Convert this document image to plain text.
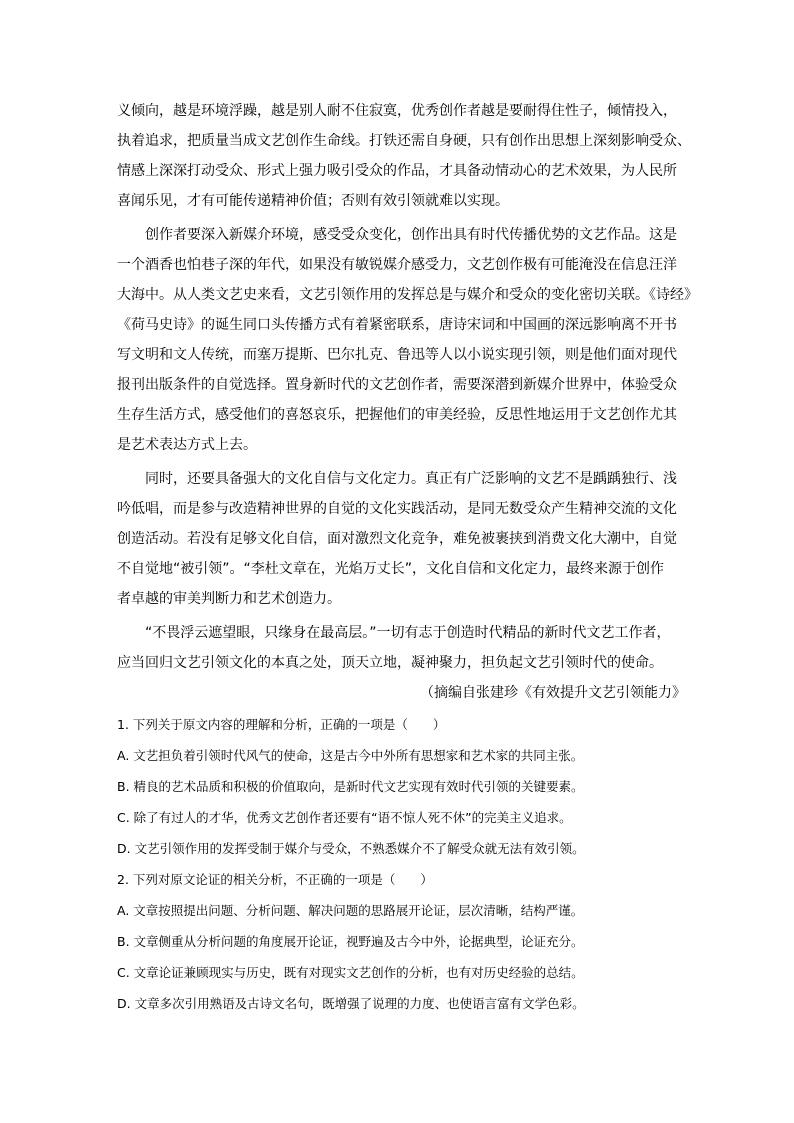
义倾向，越是环境浮躁，越是别人耐不住寂寞，优秀创作者越是要耐得住性子，倾情投入，

执着追求，把质量当成文艺创作生命线。打铁还需自身硬，只有创作出思想上深刻影响受众、

情感上深深打动受众、形式上强力吸引受众的作品，才具备动情动心的艺术效果，为人民所

喜闻乐见，才有可能传递精神价值；否则有效引领就难以实现。

　　创作者要深入新媒介环境，感受受众变化，创作出具有时代传播优势的文艺作品。这是

一个酒香也怕巷子深的年代，如果没有敏锐媒介感受力，文艺创作极有可能淹没在信息汪洋

大海中。从人类文艺史来看，文艺引领作用的发挥总是与媒介和受众的变化密切关联。《诗经》

《荷马史诗》的诞生同口头传播方式有着紧密联系，唐诗宋词和中国画的深远影响离不开书

写文明和文人传统，而塞万提斯、巴尔扎克、鲁迅等人以小说实现引领，则是他们面对现代

报刊出版条件的自觉选择。置身新时代的文艺创作者，需要深潜到新媒介世界中，体验受众

生存生活方式，感受他们的喜怒哀乐，把握他们的审美经验，反思性地运用于文艺创作尤其

是艺术表达方式上去。

　　同时，还要具备强大的文化自信与文化定力。真正有广泛影响的文艺不是踽踽独行、浅

吟低唱，而是参与改造精神世界的自觉的文化实践活动，是同无数受众产生精神交流的文化

创造活动。若没有足够文化自信，面对激烈文化竞争，难免被裹挟到消费文化大潮中，自觉

不自觉地“被引领”。“李杜文章在，光焰万丈长”，文化自信和文化定力，最终来源于创作

者卓越的审美判断力和艺术创造力。

　　“不畏浮云遮望眼，只缘身在最高层。”一切有志于创造时代精品的新时代文艺工作者，

应当回归文艺引领文化的本真之处，顶天立地，凝神聚力，担负起文艺引领时代的使命。

（摘编自张建珍《有效提升文艺引领能力》

1. 下列关于原文内容的理解和分析，正确的一项是（　　）

A. 文艺担负着引领时代风气的使命，这是古今中外所有思想家和艺术家的共同主张。

B. 精良的艺术品质和积极的价值取向，是新时代文艺实现有效时代引领的关键要素。

C. 除了有过人的才华，优秀文艺创作者还要有“语不惊人死不休”的完美主义追求。

D. 文艺引领作用的发挥受制于媒介与受众，不熟悉媒介不了解受众就无法有效引领。

2. 下列对原文论证的相关分析，不正确的一项是（　　）

A. 文章按照提出问题、分析问题、解决问题的思路展开论证，层次清晰，结构严谨。

B. 文章侧重从分析问题的角度展开论证，视野遍及古今中外，论据典型，论证充分。

C. 文章论证兼顾现实与历史，既有对现实文艺创作的分析，也有对历史经验的总结。

D. 文章多次引用熟语及古诗文名句，既增强了说理的力度、也使语言富有文学色彩。
